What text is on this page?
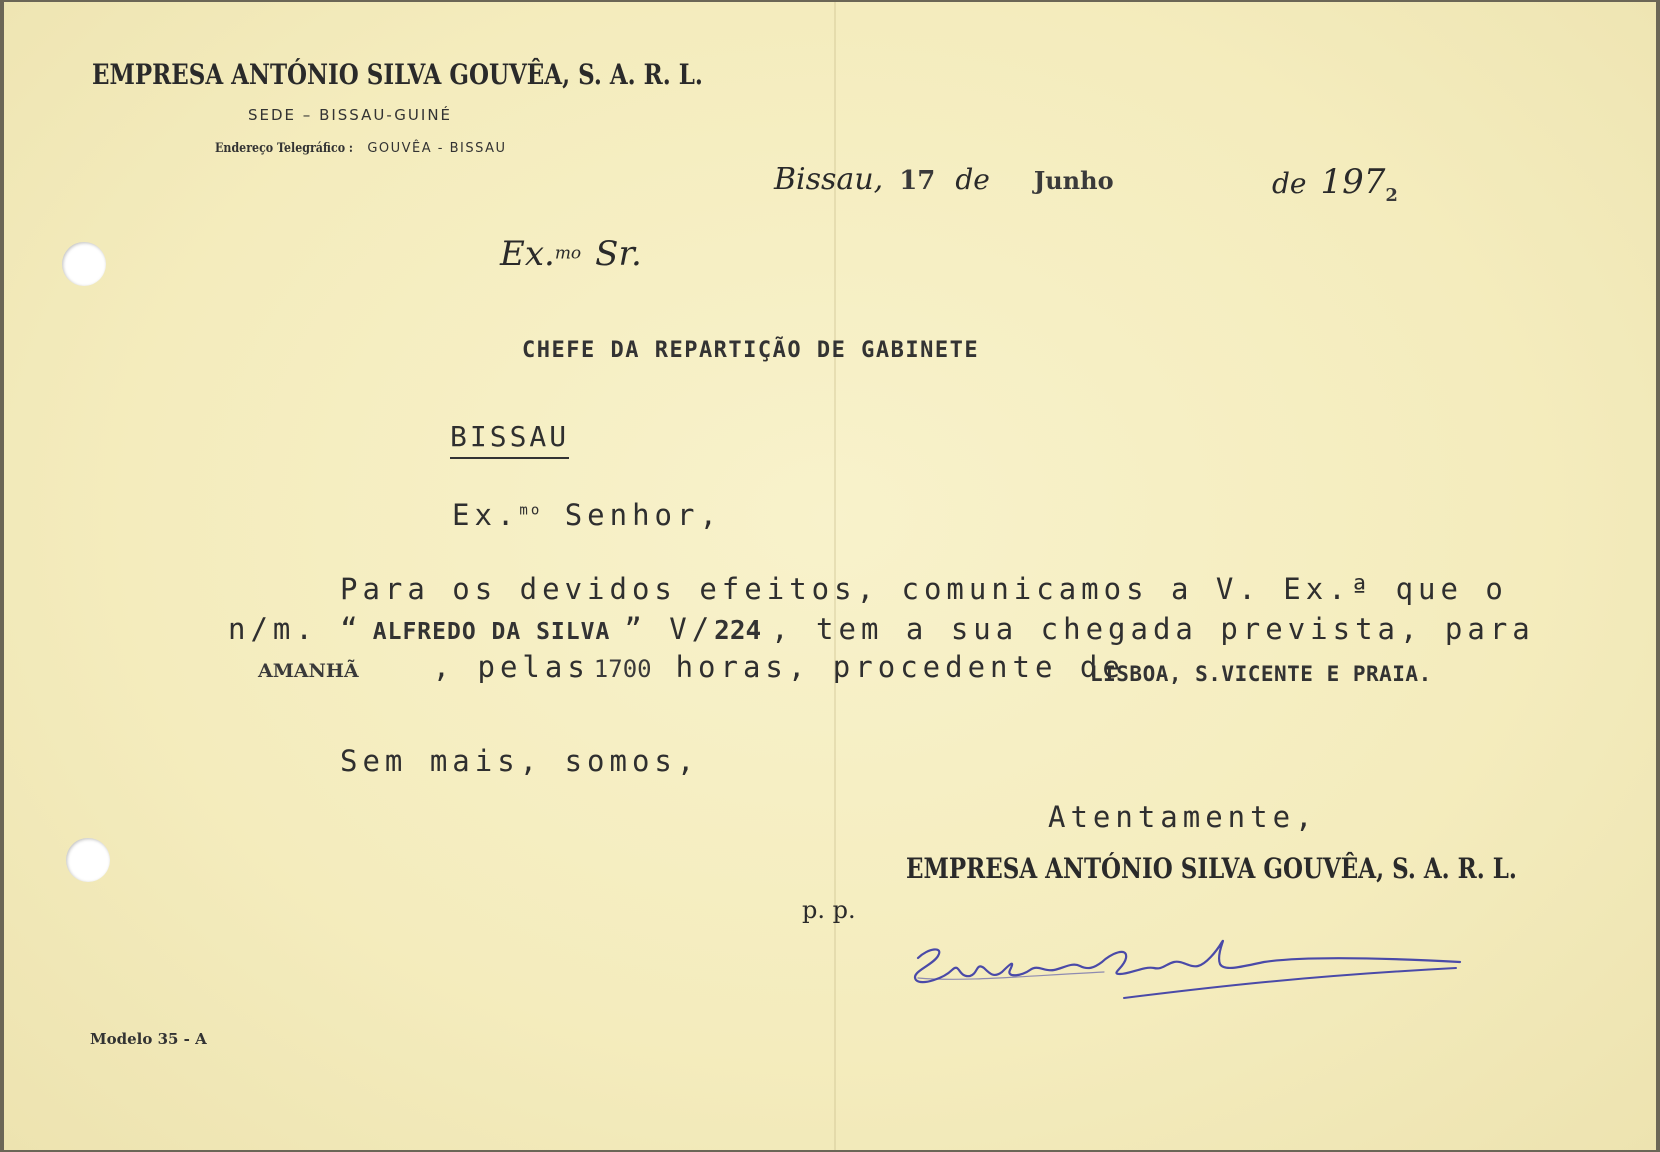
EMPRESA ANTÓNIO SILVA GOUVÊA, S. A. R. L.
SEDE – BISSAU-GUINÉ
Endereço Telegráfico : GOUVÊA - BISSAU
Bissau, 17 de Junho	de 1972
Ex.$^{mo}$ Sr.
CHEFE DA REPARTIÇÃO DE GABINETE
BISSAU
Ex.$^{mo}$ Senhor,
Para os devidos efeitos, comunicamos a V. Ex.ª que o
n/m. “ ALFREDO DA SILVA ” V/224 , tem a sua chegada prevista, para
AMANHÃ	, pelas 1700 horas, procedente de
LISBOA, S.VICENTE E PRAIA.
Sem mais, somos,
Atentamente,
EMPRESA ANTÓNIO SILVA GOUVÊA, S. A. R. L.
p. p.
Modelo 35 - A
